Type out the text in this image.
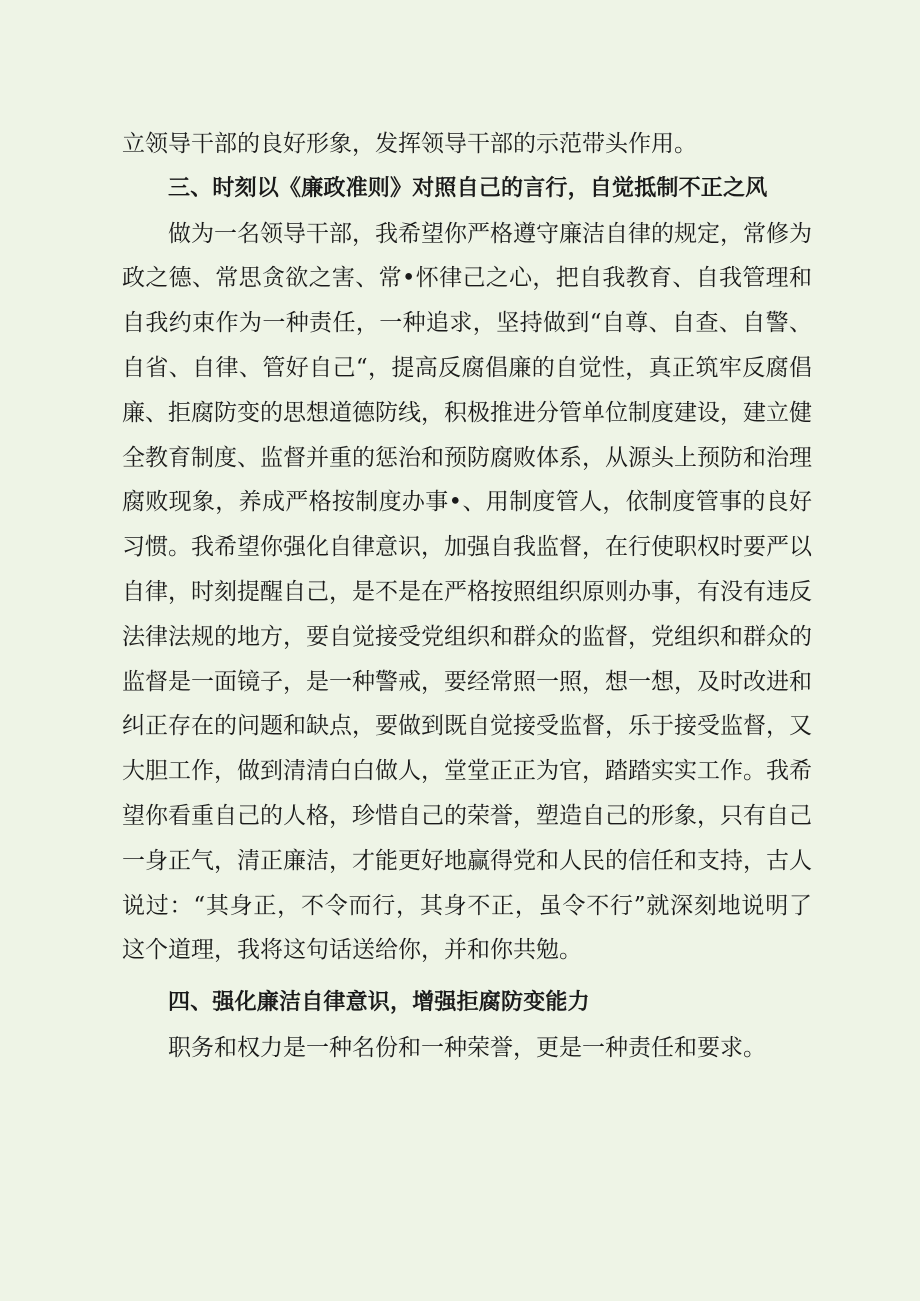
立领导干部的良好形象，发挥领导干部的示范带头作用。

三、时刻以《廉政准则》对照自己的言行，自觉抵制不正之风

做为一名领导干部，我希望你严格遵守廉洁自律的规定，常修为政之德、常思贪欲之害、常•怀律己之心，把自我教育、自我管理和自我约束作为一种责任，一种追求，坚持做到“自尊、自查、自警、自省、自律、管好自己“，提高反腐倡廉的自觉性，真正筑牢反腐倡廉、拒腐防变的思想道德防线，积极推进分管单位制度建设，建立健全教育制度、监督并重的惩治和预防腐败体系，从源头上预防和治理腐败现象，养成严格按制度办事•、用制度管人，依制度管事的良好习惯。我希望你强化自律意识，加强自我监督，在行使职权时要严以自律，时刻提醒自己，是不是在严格按照组织原则办事，有没有违反法律法规的地方，要自觉接受党组织和群众的监督，党组织和群众的监督是一面镜子，是一种警戒，要经常照一照，想一想，及时改进和纠正存在的问题和缺点，要做到既自觉接受监督，乐于接受监督，又大胆工作，做到清清白白做人，堂堂正正为官，踏踏实实工作。我希望你看重自己的人格，珍惜自己的荣誉，塑造自己的形象，只有自己一身正气，清正廉洁，才能更好地赢得党和人民的信任和支持，古人说过：“其身正，不令而行，其身不正，虽令不行”就深刻地说明了这个道理，我将这句话送给你，并和你共勉。

四、强化廉洁自律意识，增强拒腐防变能力

职务和权力是一种名份和一种荣誉，更是一种责任和要求。
